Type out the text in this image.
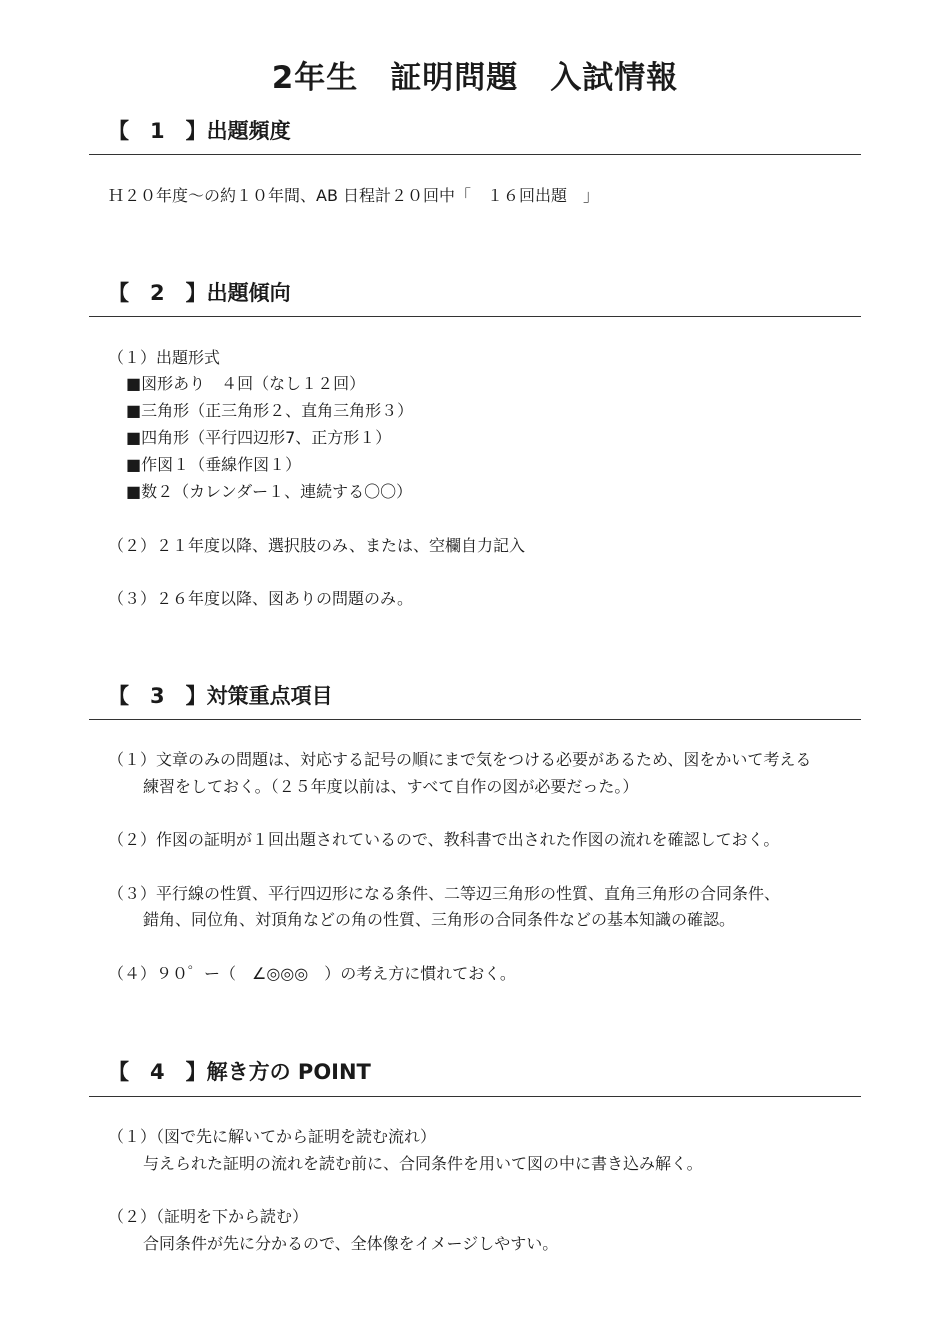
2年生　証明問題　入試情報
【　1　】出題頻度
Ｈ２０年度～の約１０年間、AB 日程計２０回中「　１６回出題　」
【　2　】出題傾向
（１）出題形式
■図形あり　４回（なし１２回）
■三角形（正三角形２、直角三角形３）
■四角形（平行四辺形7、正方形１）
■作図１（垂線作図１）
■数２（カレンダー１、連続する〇〇）
（２）２１年度以降、選択肢のみ、または、空欄自力記入
（３）２６年度以降、図ありの問題のみ。
【　3　】対策重点項目
（１）文章のみの問題は、対応する記号の順にまで気をつける必要があるため、図をかいて考える
練習をしておく。（２５年度以前は、すべて自作の図が必要だった。）
（２）作図の証明が１回出題されているので、教科書で出された作図の流れを確認しておく。
（３）平行線の性質、平行四辺形になる条件、二等辺三角形の性質、直角三角形の合同条件、
錯角、同位角、対頂角などの角の性質、三角形の合同条件などの基本知識の確認。
（４）９０゜ー（　∠◎◎◎　）の考え方に慣れておく。
【　4　】解き方の POINT
（１）（図で先に解いてから証明を読む流れ）
与えられた証明の流れを読む前に、合同条件を用いて図の中に書き込み解く。
（２）（証明を下から読む）
合同条件が先に分かるので、全体像をイメージしやすい。
